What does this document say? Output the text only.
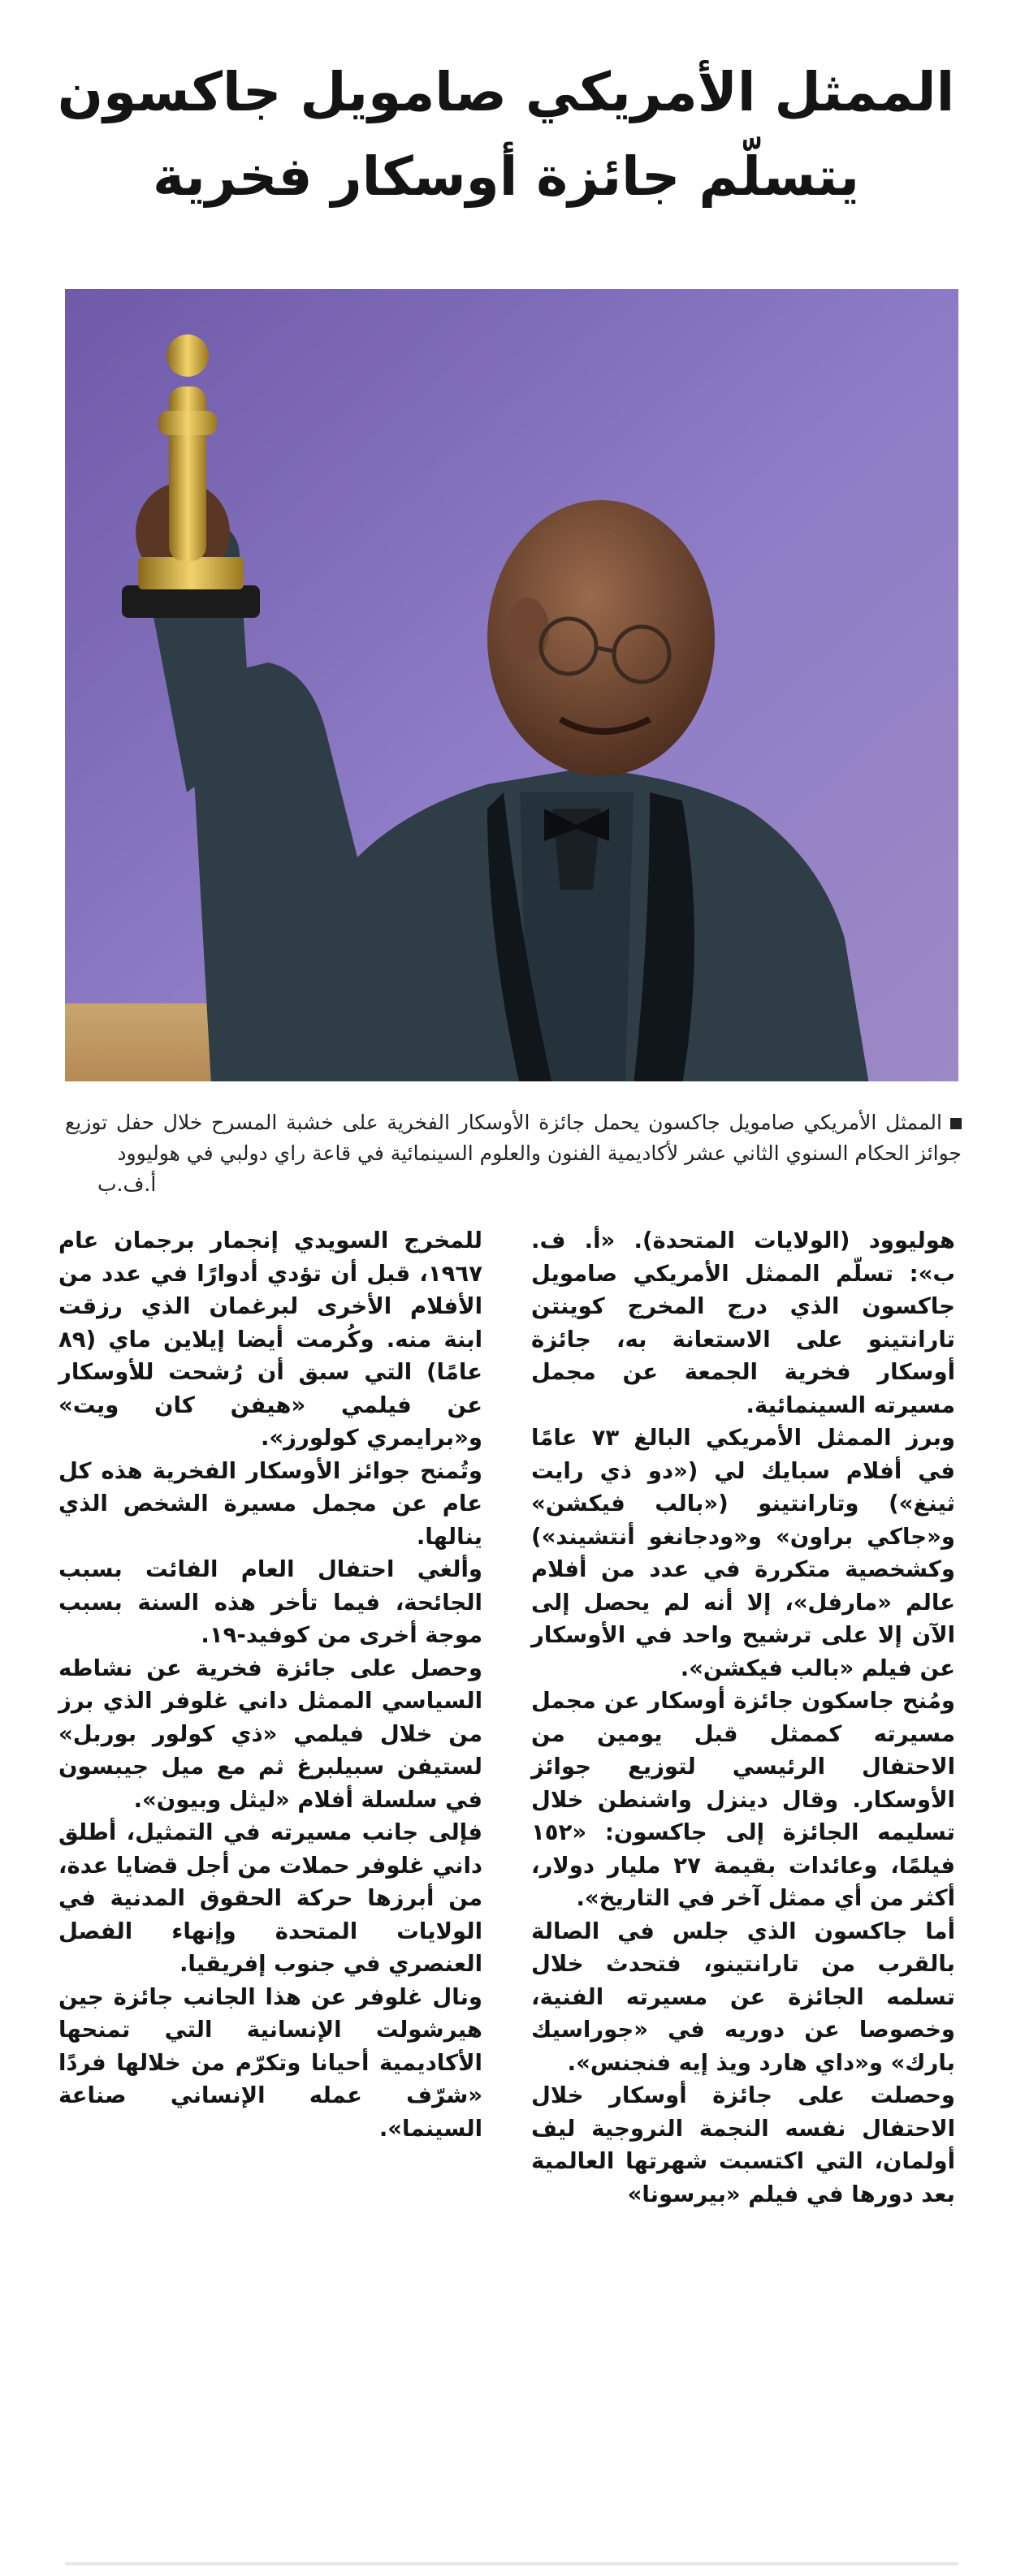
الممثل الأمريكي صامويل جاكسون
يتسلّم جائزة أوسكار فخرية
الممثل الأمريكي صامويل جاكسون يحمل جائزة الأوسكار الفخرية على خشبة المسرح خلال حفل توزيع جوائز الحكام السنوي الثاني عشر لأكاديمية الفنون والعلوم السينمائية في قاعة راي دولبي في هوليوود
أ.ف.ب

هوليوود (الولايات المتحدة). «أ. ف. ب»: تسلّم الممثل الأمريكي صامويل جاكسون الذي درج المخرج كوينتن تارانتينو على الاستعانة به، جائزة أوسكار فخرية الجمعة عن مجمل مسيرته السينمائية.

وبرز الممثل الأمريكي البالغ ٧٣ عامًا في أفلام سبايك لي («دو ذي رايت ثينغ») وتارانتينو («بالب فيكشن» و«جاكي براون» و«ودجانغو أنتشيند») وكشخصية متكررة في عدد من أفلام عالم «مارفل»، إلا أنه لم يحصل إلى الآن إلا على ترشيح واحد في الأوسكار عن فيلم «بالب فيكشن».

ومُنح جاسكون جائزة أوسكار عن مجمل مسيرته كممثل قبل يومين من الاحتفال الرئيسي لتوزيع جوائز الأوسكار. وقال دينزل واشنطن خلال تسليمه الجائزة إلى جاكسون: «١٥٢ فيلمًا، وعائدات بقيمة ٢٧ مليار دولار، أكثر من أي ممثل آخر في التاريخ».

أما جاكسون الذي جلس في الصالة بالقرب من تارانتينو، فتحدث خلال تسلمه الجائزة عن مسيرته الفنية، وخصوصا عن دوريه في «جوراسيك بارك» و«داي هارد ويذ إيه فنجنس».

وحصلت على جائزة أوسكار خلال الاحتفال نفسه النجمة النروجية ليف أولمان، التي اكتسبت شهرتها العالمية بعد دورها في فيلم «بيرسونا»

للمخرج السويدي إنجمار برجمان عام ١٩٦٧، قبل أن تؤدي أدوارًا في عدد من الأفلام الأخرى لبرغمان الذي رزقت ابنة منه. وكُرمت أيضا إيلاين ماي (٨٩ عامًا) التي سبق أن رُشحت للأوسكار عن فيلمي «هيفن كان ويت» و«برايمري كولورز».

وتُمنح جوائز الأوسكار الفخرية هذه كل عام عن مجمل مسيرة الشخص الذي ينالها.

وألغي احتفال العام الفائت بسبب الجائحة، فيما تأخر هذه السنة بسبب موجة أخرى من كوفيد-١٩.

وحصل على جائزة فخرية عن نشاطه السياسي الممثل داني غلوفر الذي برز من خلال فيلمي «ذي كولور بوربل» لستيفن سبيلبرغ ثم مع ميل جيبسون في سلسلة أفلام «ليثل وبيون».

فإلى جانب مسيرته في التمثيل، أطلق داني غلوفر حملات من أجل قضايا عدة، من أبرزها حركة الحقوق المدنية في الولايات المتحدة وإنهاء الفصل العنصري في جنوب إفريقيا.

ونال غلوفر عن هذا الجانب جائزة جين هيرشولت الإنسانية التي تمنحها الأكاديمية أحيانا وتكرّم من خلالها فردًا «شرّف عمله الإنساني صناعة السينما».
